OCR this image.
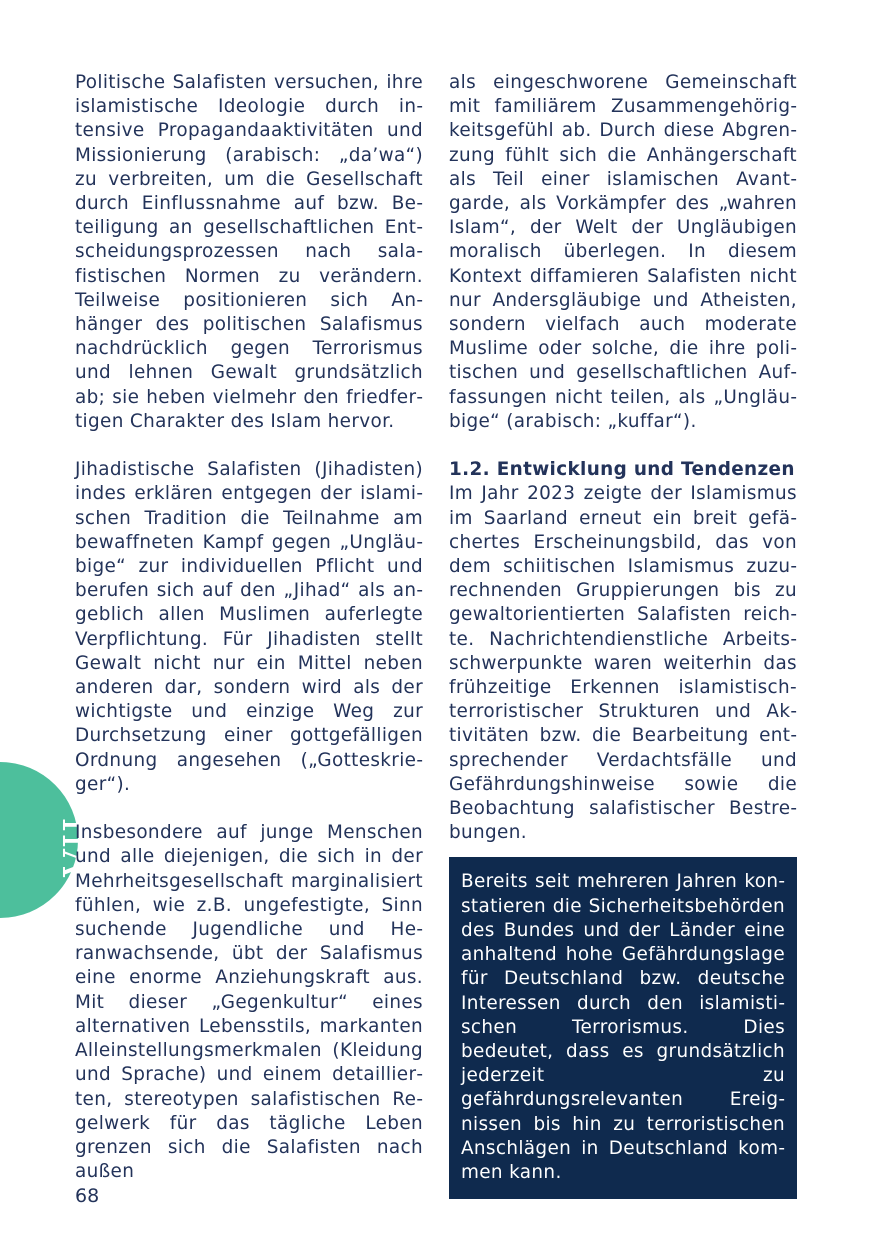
VII.

Politische Salafisten versuchen, ihre islamistische Ideologie durch intensive Propagandaaktivitäten und Missionierung (arabisch: „da’wa“) zu verbreiten, um die Gesellschaft durch Einflussnahme auf bzw. Beteiligung an gesellschaftlichen Entscheidungsprozessen nach salafistischen Normen zu verändern. Teilweise positionieren sich Anhänger des politischen Salafismus nachdrücklich gegen Terrorismus und lehnen Gewalt grundsätzlich ab; sie heben vielmehr den friedfertigen Charakter des Islam hervor.

Jihadistische Salafisten (Jihadisten) indes erklären entgegen der islamischen Tradition die Teilnahme am bewaffneten Kampf gegen „Ungläubige“ zur individuellen Pflicht und berufen sich auf den „Jihad“ als angeblich allen Muslimen auferlegte Verpflichtung. Für Jihadisten stellt Gewalt nicht nur ein Mittel neben anderen dar, sondern wird als der wichtigste und einzige Weg zur Durchsetzung einer gottgefälligen Ordnung angesehen („Gotteskrieger“).

Insbesondere auf junge Menschen und alle diejenigen, die sich in der Mehrheitsgesellschaft marginalisiert fühlen, wie z.B. ungefestigte, Sinn suchende Jugendliche und Heranwachsende, übt der Salafismus eine enorme Anziehungskraft aus. Mit dieser „Gegenkultur“ eines alternativen Lebensstils, markanten Alleinstellungsmerkmalen (Kleidung und Sprache) und einem detaillierten, stereotypen salafistischen Regelwerk für das tägliche Leben grenzen sich die Salafisten nach außen

als eingeschworene Gemeinschaft mit familiärem Zusammengehörigkeitsgefühl ab. Durch diese Abgrenzung fühlt sich die Anhängerschaft als Teil einer islamischen Avantgarde, als Vorkämpfer des „wahren Islam“, der Welt der Ungläubigen moralisch überlegen. In diesem Kontext diffamieren Salafisten nicht nur Andersgläubige und Atheisten, sondern vielfach auch moderate Muslime oder solche, die ihre politischen und gesellschaftlichen Auffassungen nicht teilen, als „Ungläubige“ (arabisch: „kuffar“).

1.2. Entwicklung und Tendenzen

Im Jahr 2023 zeigte der Islamismus im Saarland erneut ein breit gefächertes Erscheinungsbild, das von dem schiitischen Islamismus zuzurechnenden Gruppierungen bis zu gewaltorientierten Salafisten reichte. Nachrichtendienstliche Arbeitsschwerpunkte waren weiterhin das frühzeitige Erkennen islamistisch-terroristischer Strukturen und Aktivitäten bzw. die Bearbeitung entsprechender Verdachtsfälle und Gefährdungshinweise sowie die Beobachtung salafistischer Bestrebungen.

Bereits seit mehreren Jahren konstatieren die Sicherheitsbehörden des Bundes und der Länder eine anhaltend hohe Gefährdungslage für Deutschland bzw. deutsche Interessen durch den islamistischen Terrorismus. Dies bedeutet, dass es grundsätzlich jederzeit zu gefährdungsrelevanten Ereignissen bis hin zu terroristischen Anschlägen in Deutschland kommen kann.
68
